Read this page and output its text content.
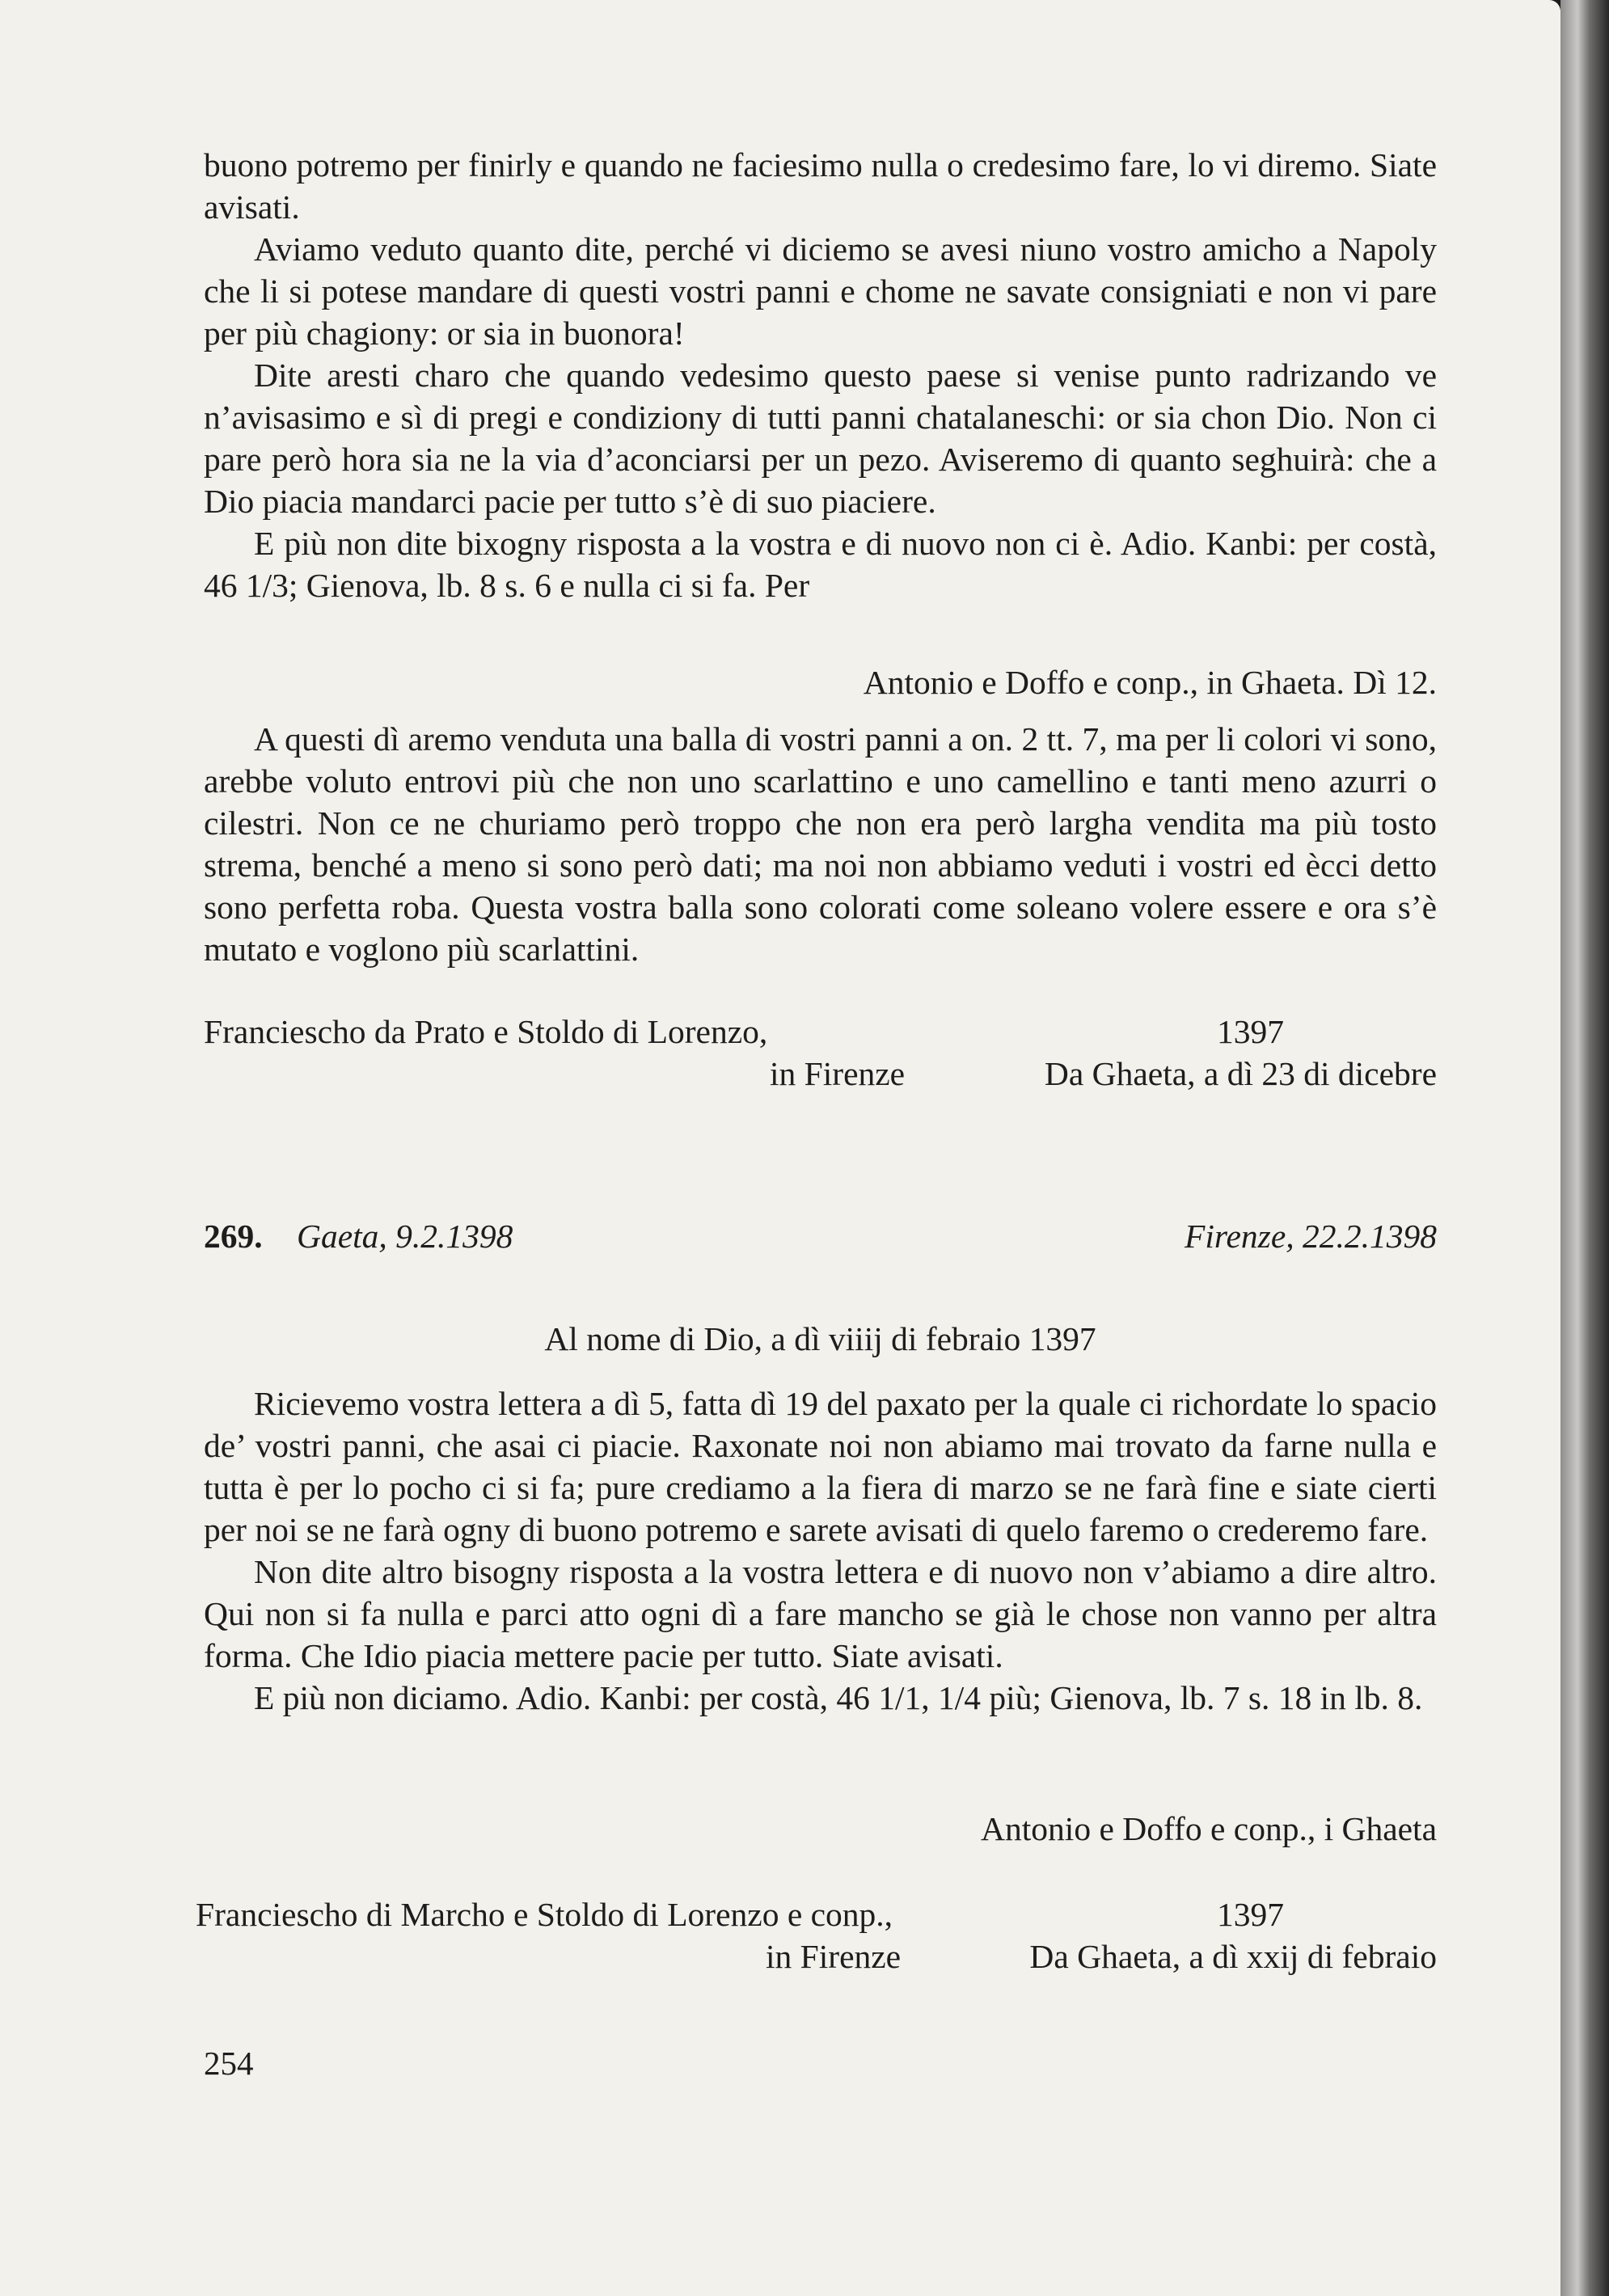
buono potremo per finirly e quando ne faciesimo nulla o credesimo fare, lo vi diremo. Siate avisati.

Aviamo veduto quanto dite, perché vi diciemo se avesi niuno vostro amicho a Napoly che li si potese mandare di questi vostri panni e chome ne savate consigniati e non vi pare per più chagiony: or sia in buonora!

Dite aresti charo che quando vedesimo questo paese si venise punto radrizando ve n’avisasimo e sì di pregi e condiziony di tutti panni chatalaneschi: or sia chon Dio. Non ci pare però hora sia ne la via d’aconciarsi per un pezo. Aviseremo di quanto seghuirà: che a Dio piacia mandarci pacie per tutto s’è di suo piaciere.

E più non dite bixogny risposta a la vostra e di nuovo non ci è. Adio. Kanbi: per costà, 46 1/3; Gienova, lb. 8 s. 6 e nulla ci si fa. Per

Antonio e Doffo e conp., in Ghaeta. Dì 12.

A questi dì aremo venduta una balla di vostri panni a on. 2 tt. 7, ma per li colori vi sono, arebbe voluto entrovi più che non uno scarlattino e uno camellino e tanti meno azurri o cilestri. Non ce ne churiamo però troppo che non era però largha vendita ma più tosto strema, benché a meno si sono però dati; ma noi non abbiamo veduti i vostri ed ècci detto sono perfetta roba. Questa vostra balla sono colorati come soleano volere essere e ora s’è mutato e voglono più scarlattini.

Franciescho da Prato e Stoldo di Lorenzo,	1397
in Firenze	Da Ghaeta, a dì 23 di dicebre
269. Gaeta, 9.2.1398	Firenze, 22.2.1398

Al nome di Dio, a dì viiij di febraio 1397

Ricievemo vostra lettera a dì 5, fatta dì 19 del paxato per la quale ci richordate lo spacio de’ vostri panni, che asai ci piacie. Raxonate noi non abiamo mai trovato da farne nulla e tutta è per lo pocho ci si fa; pure crediamo a la fiera di marzo se ne farà fine e siate cierti per noi se ne farà ogny di buono potremo e sarete avisati di quelo faremo o crederemo fare.

Non dite altro bisogny risposta a la vostra lettera e di nuovo non v’abiamo a dire altro. Qui non si fa nulla e parci atto ogni dì a fare mancho se già le chose non vanno per altra forma. Che Idio piacia mettere pacie per tutto. Siate avisati.

E più non diciamo. Adio. Kanbi: per costà, 46 1/1, 1/4 più; Gienova, lb. 7 s. 18 in lb. 8.

Antonio e Doffo e conp., i Ghaeta

Franciescho di Marcho e Stoldo di Lorenzo e conp.,	1397
in Firenze	Da Ghaeta, a dì xxij di febraio
254
